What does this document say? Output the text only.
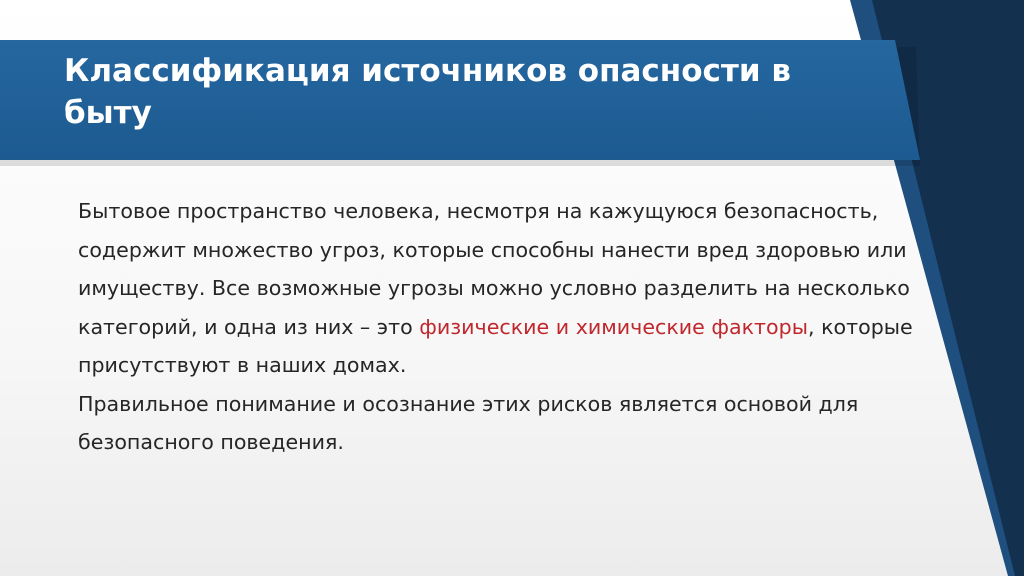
Классификация источников опасности в быту

Бытовое пространство человека, несмотря на кажущуюся безопасность, содержит множество угроз, которые способны нанести вред здоровью или имуществу. Все возможные угрозы можно условно разделить на несколько категорий, и одна из них – это физические и химические факторы, которые присутствуют в наших домах.

Правильное понимание и осознание этих рисков является основой для безопасного поведения.
